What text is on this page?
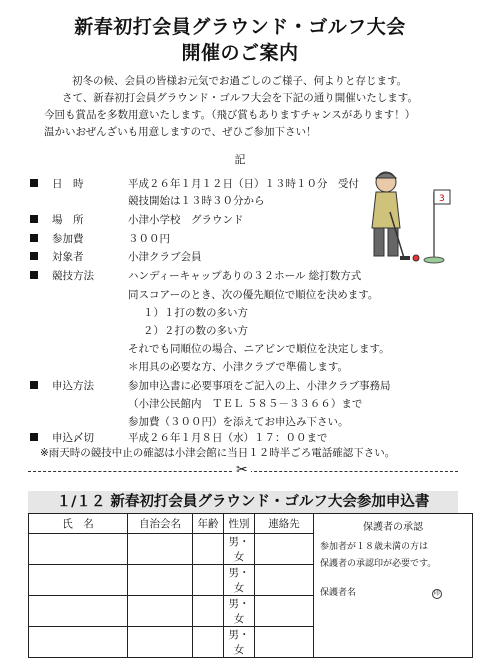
新春初打会員グラウンド・ゴルフ大会
開催のご案内
初冬の候、会員の皆様お元気でお過ごしのご様子、何よりと存じます。
さて、新春初打会員グラウンド・ゴルフ大会を下記の通り開催いたします。
今回も賞品を多数用意いたします。（飛び賞もありますチャンスがあります！）
温かいおぜんざいも用意しますので、ぜひご参加下さい！
記
日　時	平成２６年１月１２日（日）１３時１０分　受付
競技開始は１３時３０分から
場　所	小津小学校　グラウンド
参加費	３００円
対象者	小津クラブ会員
競技方法	ハンディーキャップありの３２ホール 総打数方式
同スコアーのとき、次の優先順位で順位を決めます。
１）１打の数の多い方
２）２打の数の多い方
それでも同順位の場合、ニアピンで順位を決定します。
＊用具の必要な方、小津クラブで準備します。
申込方法	参加申込書に必要事項をご記入の上、小津クラブ事務局
（小津公民館内　ＴＥＬ ５８５－３３６６）まで
参加費（３００円）を添えてお申込み下さい。
申込〆切	平成２６年１月８日（水）１７：００まで
※雨天時の競技中止の確認は小津会館に当日１２時半ごろ電話確認下さい。
3
✂
１/１２ 新春初打会員グラウンド・ゴルフ大会参加申込書
氏　名	自治会名	年齢	性別	連絡先	保護者の承認
参加者が１８歳未満の方は
保護者の承認印が必要です。
保護者名 印

			男・女		
			男・女		
			男・女		
			男・女		
